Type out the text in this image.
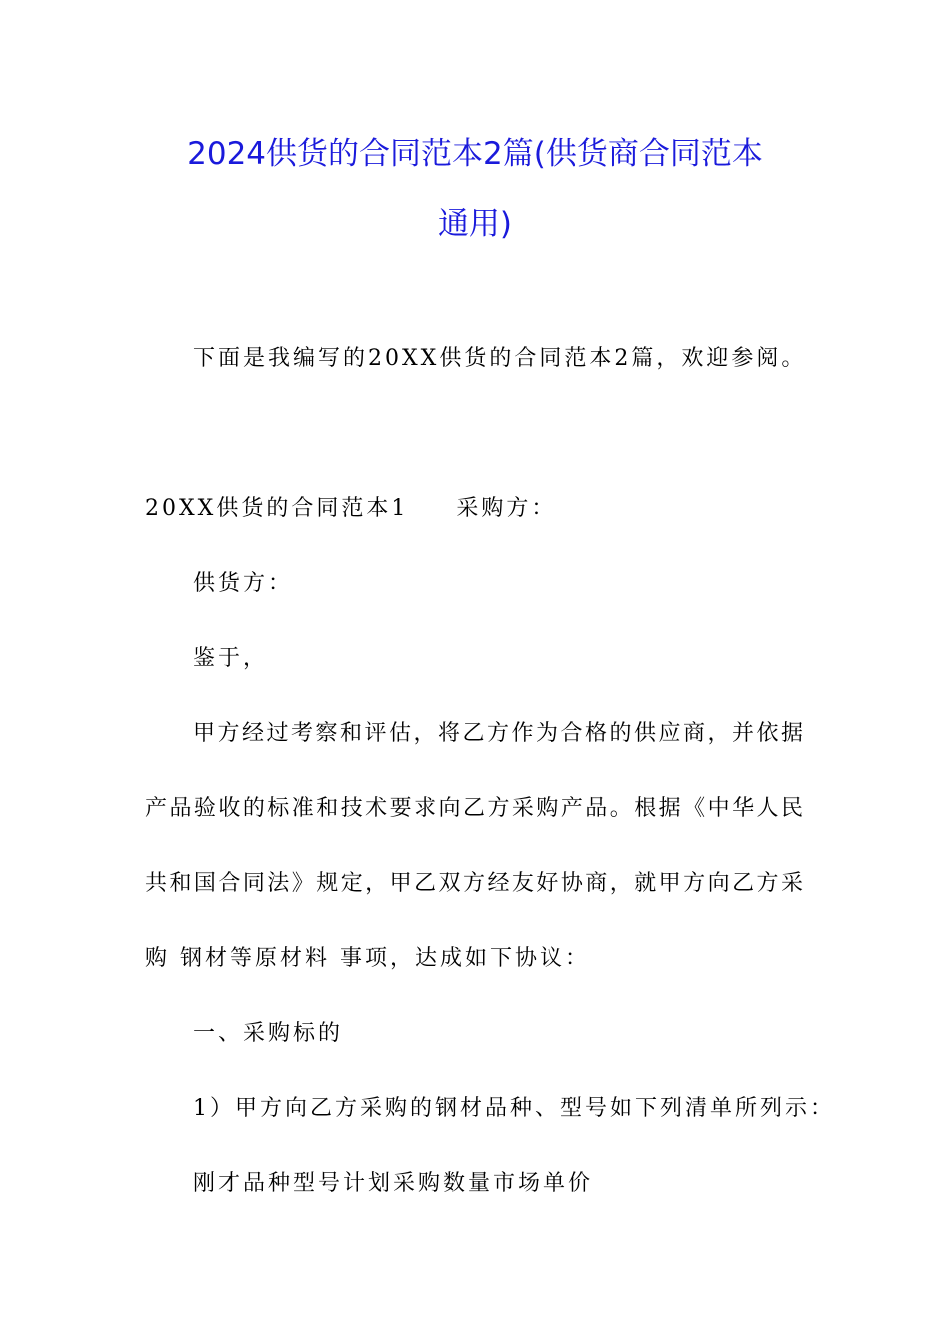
2024供货的合同范本2篇(供货商合同范本
通用)
下面是我编写的20XX供货的合同范本2篇，欢迎参阅。
20XX供货的合同范本1 采购方：
供货方：
鉴于，
甲方经过考察和评估，将乙方作为合格的供应商，并依据
产品验收的标准和技术要求向乙方采购产品。根据《中华人民
共和国合同法》规定，甲乙双方经友好协商，就甲方向乙方采
购 钢材等原材料 事项，达成如下协议：
一、采购标的
1）甲方向乙方采购的钢材品种、型号如下列清单所列示：
刚才品种型号计划采购数量市场单价
